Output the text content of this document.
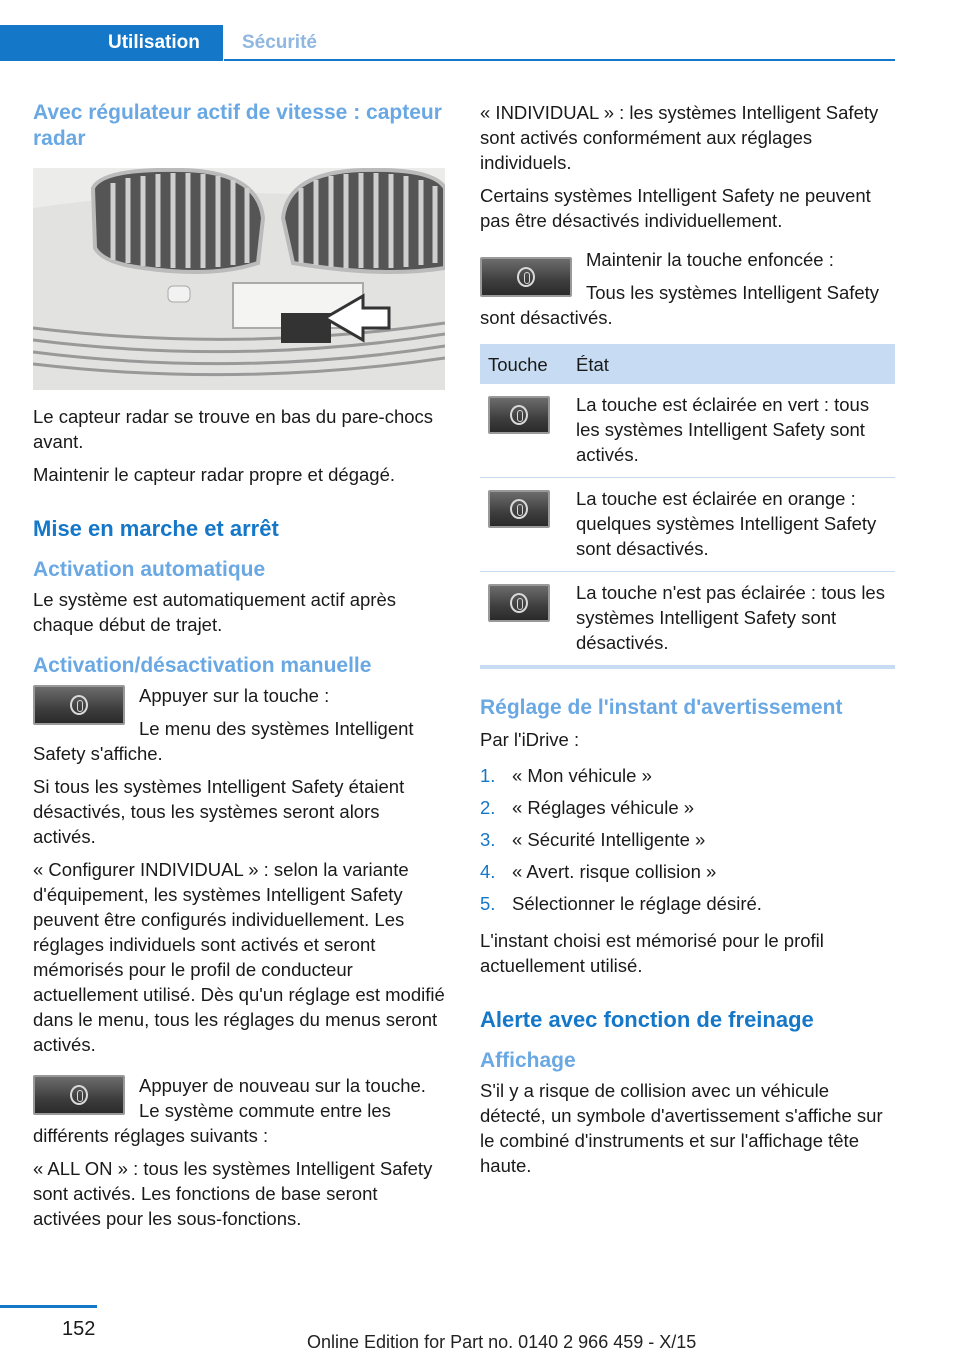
Utilisation Sécurité
Avec régulateur actif de vitesse : capteur radar

Le capteur radar se trouve en bas du pare-chocs avant.

Maintenir le capteur radar propre et dégagé.

Mise en marche et arrêt
Activation automatique

Le système est automatiquement actif après chaque début de trajet.

Activation/désactivation manuelle

Appuyer sur la touche :

Le menu des systèmes Intelligent Safety s'affiche.

Si tous les systèmes Intelligent Safety étaient désactivés, tous les systèmes seront alors activés.

« Configurer INDIVIDUAL » : selon la variante d'équipement, les systèmes Intelligent Safety peuvent être configurés individuellement. Les réglages individuels sont activés et seront mémorisés pour le profil de conducteur actuellement utilisé. Dès qu'un réglage est modifié dans le menu, tous les réglages du menus seront activés.

Appuyer de nouveau sur la touche. Le système commute entre les différents réglages suivants :

« ALL ON » : tous les systèmes Intelligent Safety sont activés. Les fonctions de base seront activées pour les sous-fonctions.

« INDIVIDUAL » : les systèmes Intelligent Safety sont activés conformément aux réglages individuels.

Certains systèmes Intelligent Safety ne peuvent pas être désactivés individuellement.

Maintenir la touche enfoncée :

Tous les systèmes Intelligent Safety sont désactivés.

Touche	État

	La touche est éclairée en vert : tous les systèmes Intelligent Safety sont activés.

	La touche est éclairée en orange : quelques systèmes Intelligent Safety sont désactivés.

	La touche n'est pas éclairée : tous les systèmes Intelligent Safety sont désactivés.
Réglage de l'instant d'avertissement

Par l'iDrive :

1. « Mon véhicule »
2. « Réglages véhicule »
3. « Sécurité Intelligente »
4. « Avert. risque collision »
5. Sélectionner le réglage désiré.

L'instant choisi est mémorisé pour le profil actuellement utilisé.

Alerte avec fonction de freinage
Affichage

S'il y a risque de collision avec un véhicule détecté, un symbole d'avertissement s'affiche sur le combiné d'instruments et sur l'affichage tête haute.

152
Online Edition for Part no. 0140 2 966 459 - X/15
